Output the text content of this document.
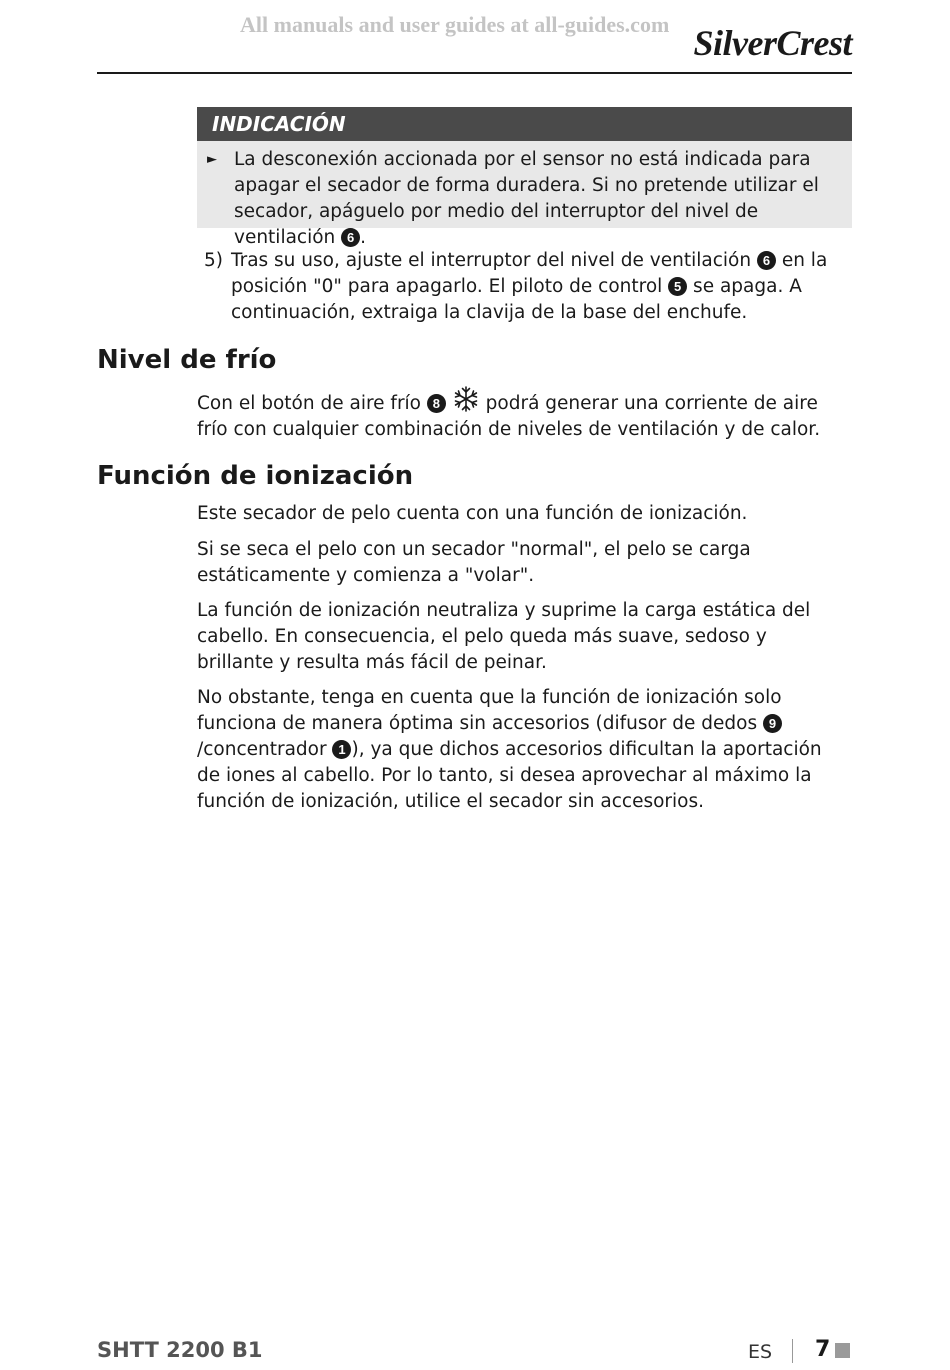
All manuals and user guides at all-guides.com SilverCrest
INDICACIÓN
► La desconexión accionada por el sensor no está indicada para apagar el secador de forma duradera. Si no pretende utilizar el secador, apáguelo por medio del interruptor del nivel de ventilación 6 .
5) Tras su uso, ajuste el interruptor del nivel de ventilación 6 en la posición "0" para apagarlo. El piloto de control 5 se apaga. A continuación, extraiga la clavija de la base del enchufe.
Nivel de frío

Con el botón de aire frío 8  podrá generar una corriente de aire frío con cualquier combinación de niveles de ventilación y de calor.

Función de ionización

Este secador de pelo cuenta con una función de ionización.

Si se seca el pelo con un secador "normal", el pelo se carga estáticamente y comienza a "volar".

La función de ionización neutraliza y suprime la carga estática del cabello. En consecuencia, el pelo queda más suave, sedoso y brillante y resulta más fácil de peinar.

No obstante, tenga en cuenta que la función de ionización solo funciona de manera óptima sin accesorios (difusor de dedos 9/concentrador 1 ), ya que dichos accesorios dificultan la aportación de iones al cabello. Por lo tanto, si desea aprovechar al máximo la función de ionización, utilice el secador sin accesorios.

SHTT 2200 B1	ES 7
